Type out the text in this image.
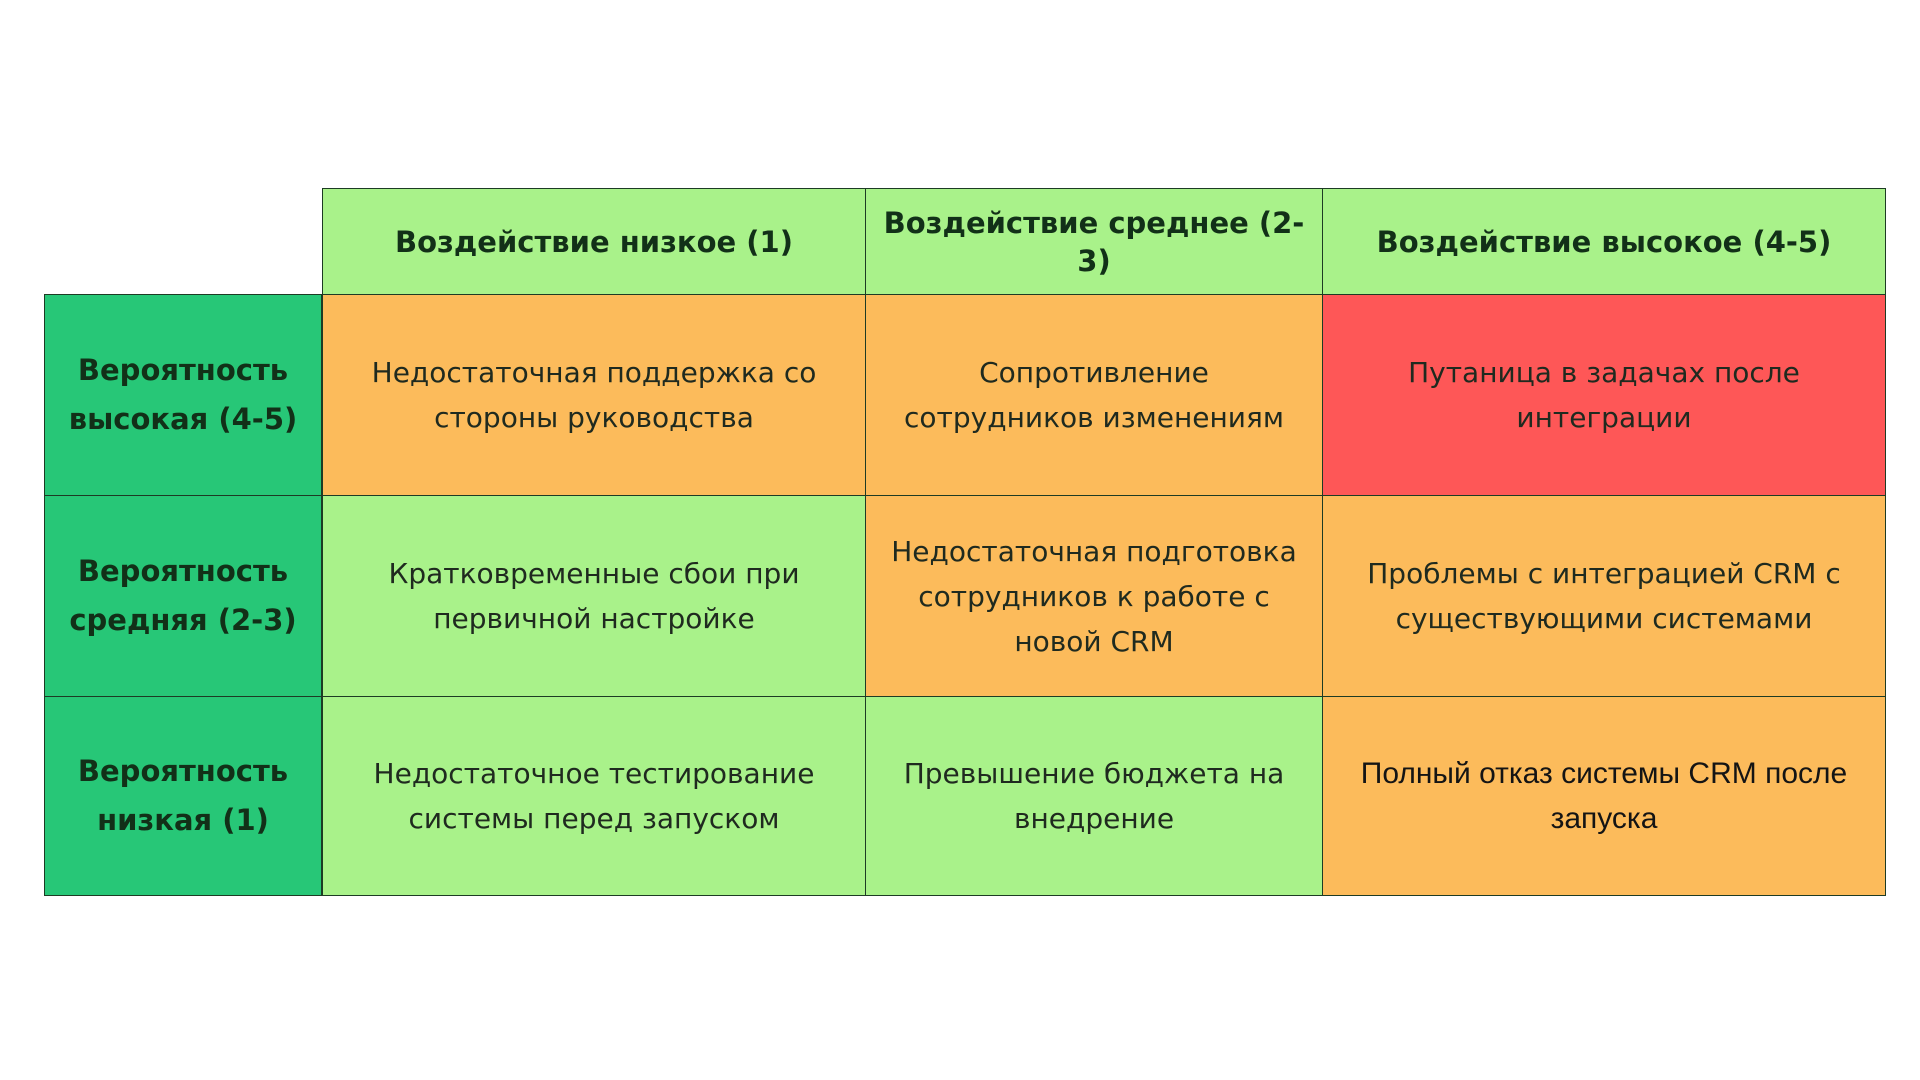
Воздействие низкое (1)
Воздействие среднее (2-3)
Воздействие высокое (4-5)
Вероятность высокая (4-5)
Вероятность средняя (2-3)
Вероятность низкая (1)
Недостаточная поддержка со стороны руководства
Сопротивление сотрудников изменениям
Путаница в задачах после интеграции
Кратковременные сбои при первичной настройке
Недостаточная подготовка сотрудников к работе с новой CRM
Проблемы с интеграцией CRM с существующими системами
Недостаточное тестирование системы перед запуском
Превышение бюджета на внедрение
Полный отказ системы CRM после запуска
